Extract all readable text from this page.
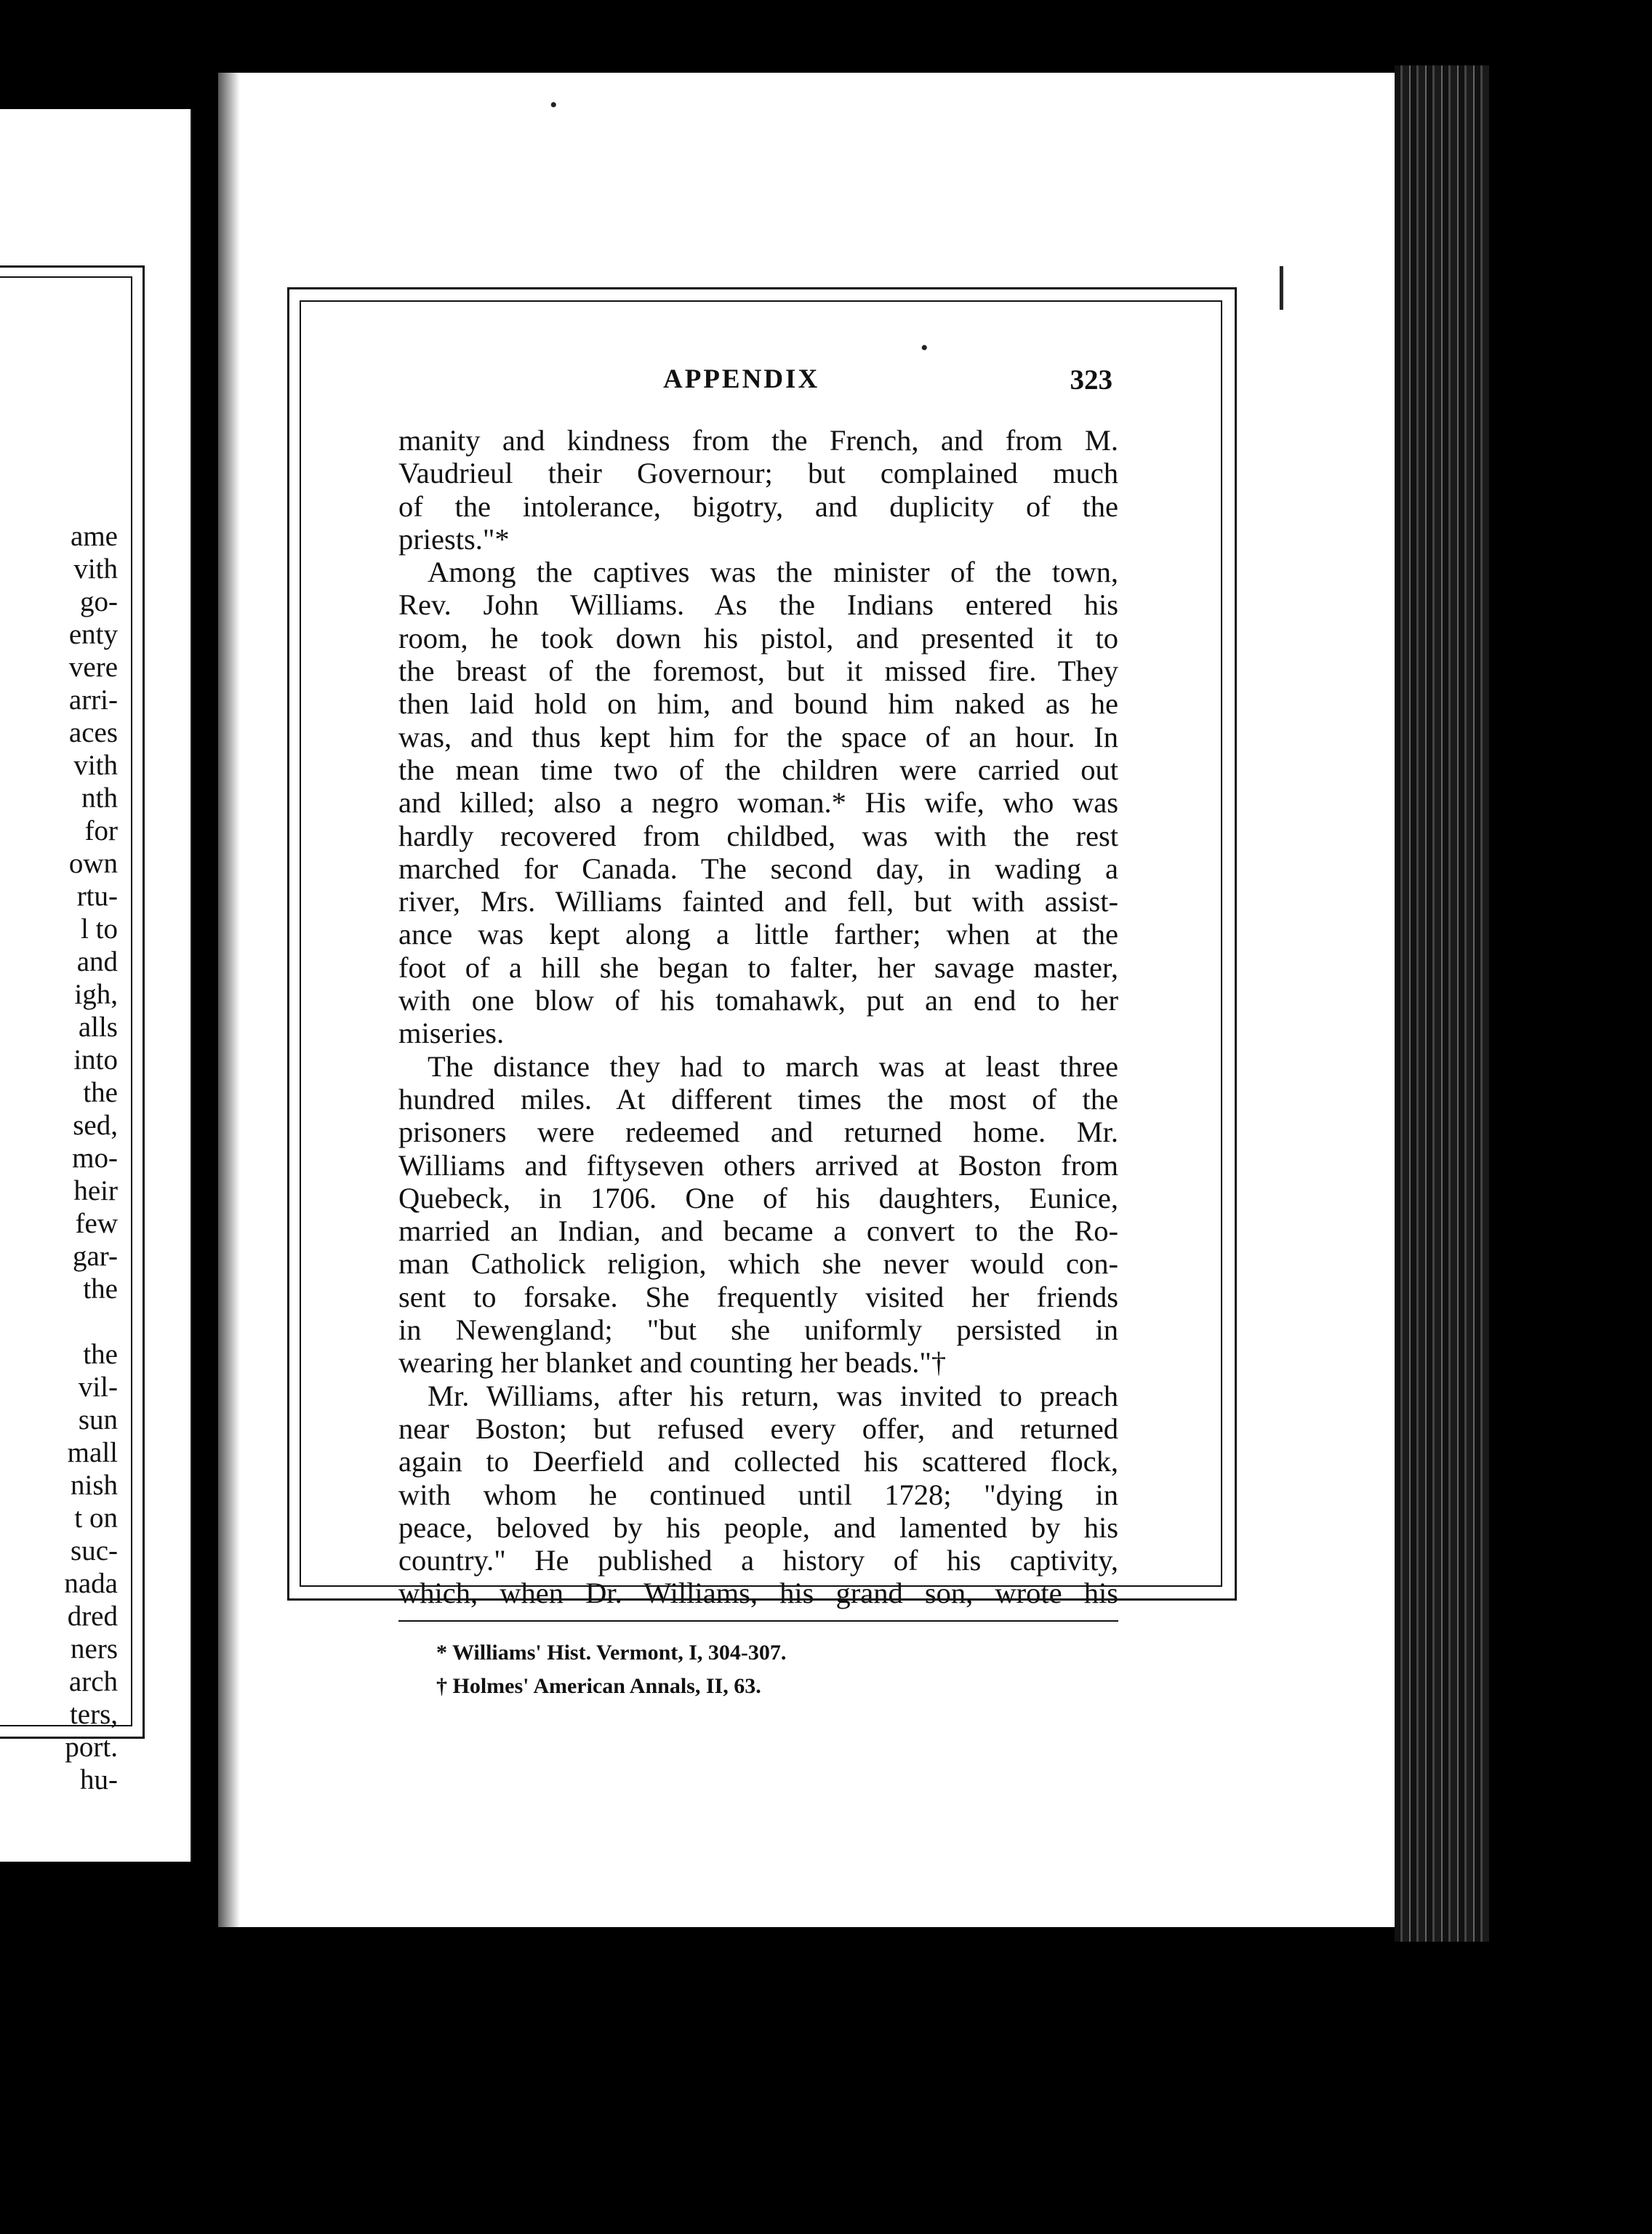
ame
vith
go-
enty
vere
arri-
aces
vith
nth
for
own
rtu-
l to
and
igh,
alls
into
the
sed,
mo-
heir
few
gar-
the
the
vil-
sun
mall
nish
t on
suc-
nada
dred
ners
arch
ters,
port.
hu-
APPENDIX	323
manity and kindness from the French, and from M.
Vaudrieul their Governour; but complained much
of the intolerance, bigotry, and duplicity of the
priests."*
Among the captives was the minister of the town,
Rev. John Williams. As the Indians entered his
room, he took down his pistol, and presented it to
the breast of the foremost, but it missed fire. They
then laid hold on him, and bound him naked as he
was, and thus kept him for the space of an hour. In
the mean time two of the children were carried out
and killed; also a negro woman.* His wife, who was
hardly recovered from childbed, was with the rest
marched for Canada. The second day, in wading a
river, Mrs. Williams fainted and fell, but with assist-
ance was kept along a little farther; when at the
foot of a hill she began to falter, her savage master,
with one blow of his tomahawk, put an end to her
miseries.
The distance they had to march was at least three
hundred miles. At different times the most of the
prisoners were redeemed and returned home. Mr.
Williams and fiftyseven others arrived at Boston from
Quebeck, in 1706. One of his daughters, Eunice,
married an Indian, and became a convert to the Ro-
man Catholick religion, which she never would con-
sent to forsake. She frequently visited her friends
in Newengland; "but she uniformly persisted in
wearing her blanket and counting her beads."†
Mr. Williams, after his return, was invited to preach
near Boston; but refused every offer, and returned
again to Deerfield and collected his scattered flock,
with whom he continued until 1728; "dying in
peace, beloved by his people, and lamented by his
country." He published a history of his captivity,
which, when Dr. Williams, his grand son, wrote his
* Williams' Hist. Vermont, I, 304-307.
† Holmes' American Annals, II, 63.
•
•
⎸
